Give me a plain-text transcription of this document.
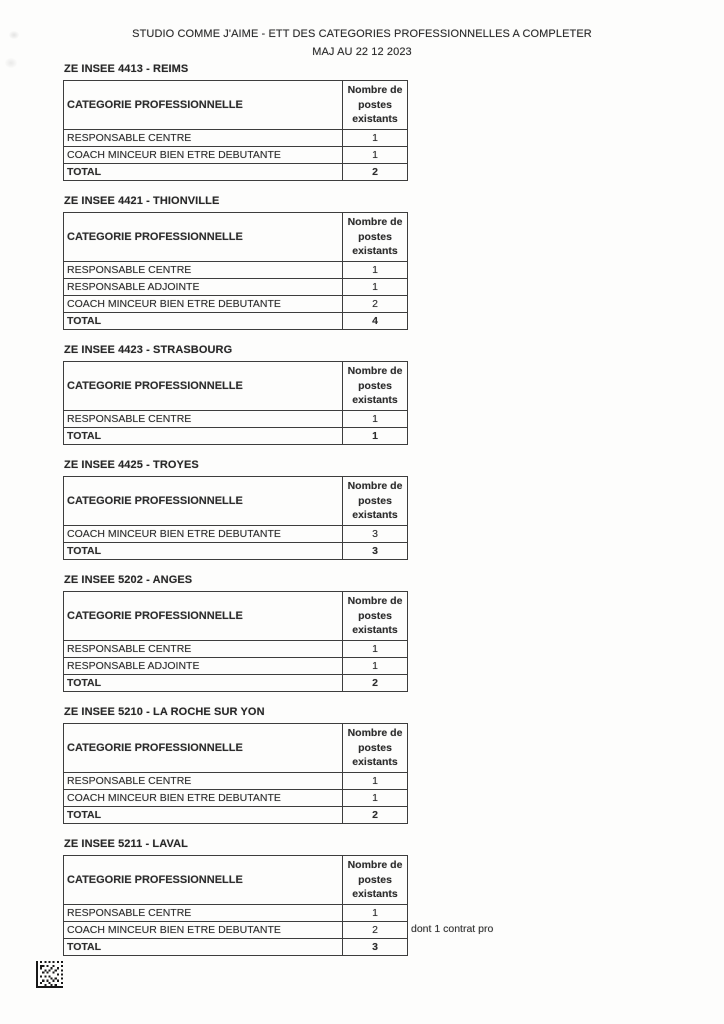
STUDIO COMME J'AIME - ETT DES CATEGORIES PROFESSIONNELLES A COMPLETER
MAJ AU 22 12 2023
ZE INSEE 4413 - REIMS
CATEGORIE PROFESSIONNELLE	Nombre de postes existants
RESPONSABLE CENTRE	1

COACH MINCEUR BIEN ETRE DEBUTANTE	1

TOTAL	2
ZE INSEE 4421 - THIONVILLE
CATEGORIE PROFESSIONNELLE	Nombre de postes existants
RESPONSABLE CENTRE	1

RESPONSABLE ADJOINTE	1

COACH MINCEUR BIEN ETRE DEBUTANTE	2

TOTAL	4
ZE INSEE 4423 - STRASBOURG
CATEGORIE PROFESSIONNELLE	Nombre de postes existants
RESPONSABLE CENTRE	1

TOTAL	1
ZE INSEE 4425 - TROYES
CATEGORIE PROFESSIONNELLE	Nombre de postes existants
COACH MINCEUR BIEN ETRE DEBUTANTE	3

TOTAL	3
ZE INSEE 5202 - ANGES
CATEGORIE PROFESSIONNELLE	Nombre de postes existants
RESPONSABLE CENTRE	1

RESPONSABLE ADJOINTE	1

TOTAL	2
ZE INSEE 5210 - LA ROCHE SUR YON
CATEGORIE PROFESSIONNELLE	Nombre de postes existants
RESPONSABLE CENTRE	1

COACH MINCEUR BIEN ETRE DEBUTANTE	1

TOTAL	2
ZE INSEE 5211 - LAVAL
CATEGORIE PROFESSIONNELLE	Nombre de postes existants
RESPONSABLE CENTRE	1

COACH MINCEUR BIEN ETRE DEBUTANTE	2 dont 1 contrat pro

TOTAL	3
